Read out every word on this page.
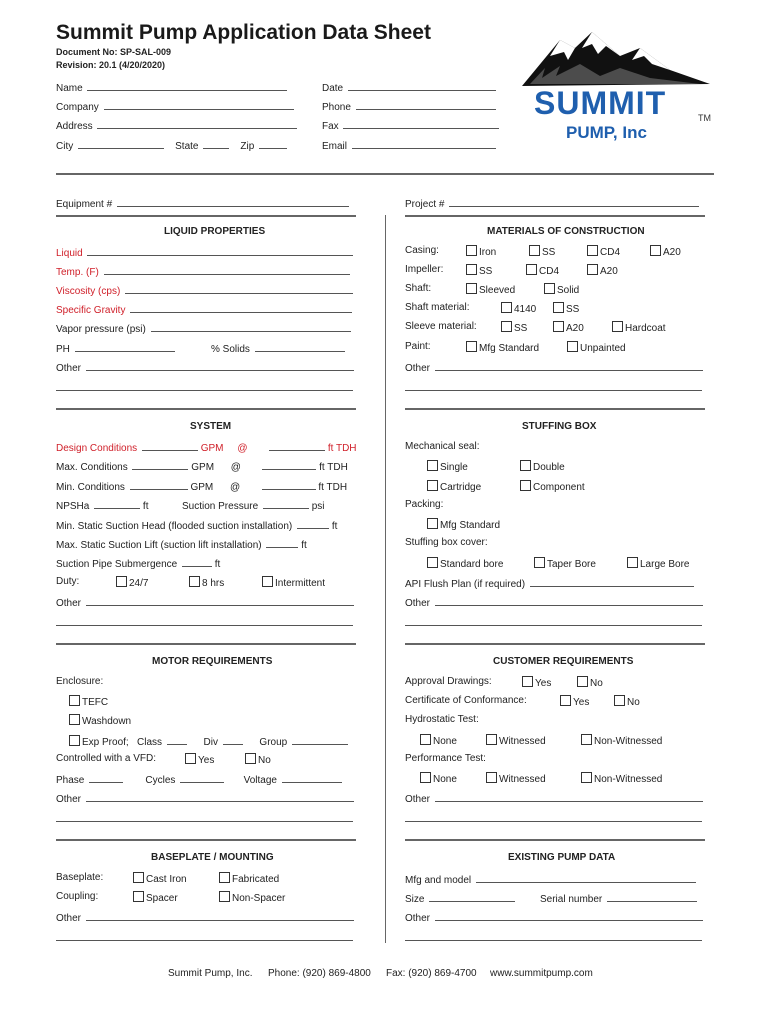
Summit Pump Application Data Sheet
Document No: SP-SAL-009
Revision: 20.1 (4/20/2020)
SUMMIT	TM
PUMP, Inc
Name
Company
Address
City	State	Zip
Date
Phone
Fax
Email
Equipment #	Project #
LIQUID PROPERTIES
Liquid
Temp. (F)
Viscosity (cps)
Specific Gravity
Vapor pressure (psi)
PH	% Solids
Other
MATERIALS OF CONSTRUCTION
Casing:	Iron	SS	CD4	A20
Impeller:	SS	CD4	A20
Shaft:	Sleeved	Solid
Shaft material:	4140	SS
Sleeve material:	SS	A20	Hardcoat
Paint:	Mfg Standard	Unpainted
Other
SYSTEM
Design Conditions	GPM @	ft TDH
Max. Conditions	GPM @	ft TDH
Min. Conditions	GPM @	ft TDH
NPSHa	ft	Suction Pressure	psi
Min. Static Suction Head (flooded suction installation)	ft
Max. Static Suction Lift (suction lift installation)	ft
Suction Pipe Submergence	ft
Duty:	24/7	8 hrs	Intermittent
Other
STUFFING BOX
Mechanical seal:
Single	Double
Cartridge	Component
Packing:
Mfg Standard
Stuffing box cover:
Standard bore	Taper Bore	Large Bore
API Flush Plan (if required)
Other
MOTOR REQUIREMENTS
Enclosure:
TEFC
Washdown
Exp Proof; Class	Div	Group
Controlled with a VFD:	Yes	No
Phase	Cycles	Voltage
Other
CUSTOMER REQUIREMENTS
Approval Drawings:	Yes	No
Certificate of Conformance:	Yes	No
Hydrostatic Test:
None	Witnessed	Non-Witnessed
Performance Test:
None	Witnessed	Non-Witnessed
Other
BASEPLATE / MOUNTING
Baseplate:	Cast Iron	Fabricated
Coupling:	Spacer	Non-Spacer
Other
EXISTING PUMP DATA
Mfg and model
Size	Serial number
Other
Summit Pump, Inc. Phone: (920) 869-4800 Fax: (920) 869-4700 www.summitpump.com
